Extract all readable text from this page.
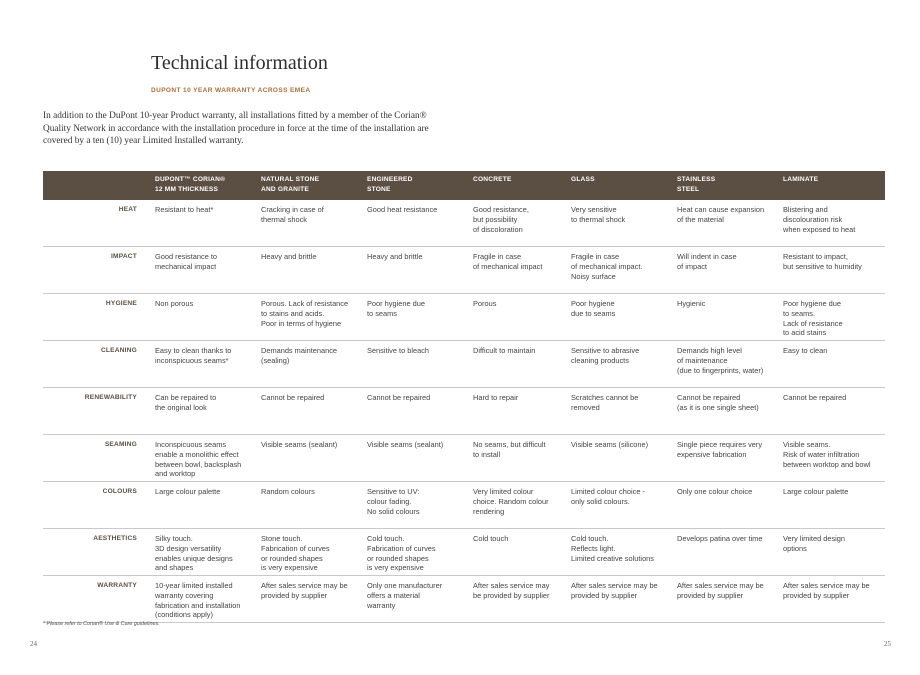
Technical information
DUPONT 10 YEAR WARRANTY ACROSS EMEA

In addition to the DuPont 10-year Product warranty, all installations fitted by a member of the Corian® Quality Network in accordance with the installation procedure in force at the time of the installation are covered by a ten (10) year Limited Installed warranty.

	DUPONT™ CORIAN®
12 MM THICKNESS	NATURAL STONE
AND GRANITE	ENGINEERED
STONE	CONCRETE	GLASS	STAINLESS
STEEL	LAMINATE
HEAT	Resistant to heat*	Cracking in case of
thermal shock	Good heat resistance	Good resistance,
but possibility
of discoloration	Very sensitive
to thermal shock	Heat can cause expansion
of the material	Blistering and
discolouration risk
when exposed to heat
IMPACT	Good resistance to
mechanical impact	Heavy and brittle	Heavy and brittle	Fragile in case
of mechanical impact	Fragile in case
of mechanical impact.
Noisy surface	Will indent in case
of impact	Resistant to impact,
but sensitive to humidity
HYGIENE	Non porous	Porous. Lack of resistance
to stains and acids.
Poor in terms of hygiene	Poor hygiene due
to seams	Porous	Poor hygiene
due to seams	Hygienic	Poor hygiene due
to seams.
Lack of resistance
to acid stains
CLEANING	Easy to clean thanks to
inconspicuous seams*	Demands maintenance
(sealing)	Sensitive to bleach	Difficult to maintain	Sensitive to abrasive
cleaning products	Demands high level
of maintenance
(due to fingerprints, water)	Easy to clean
RENEWABILITY	Can be repaired to
the original look	Cannot be repaired	Cannot be repaired	Hard to repair	Scratches cannot be
removed	Cannot be repaired
(as it is one single sheet)	Cannot be repaired
SEAMING	Inconspicuous seams
enable a monolithic effect
between bowl, backsplash
and worktop	Visible seams (sealant)	Visible seams (sealant)	No seams, but difficult
to install	Visible seams (silicone)	Single piece requires very
expensive fabrication	Visible seams.
Risk of water infiltration
between worktop and bowl
COLOURS	Large colour palette	Random colours	Sensitive to UV:
colour fading.
No solid colours	Very limited colour
choice. Random colour
rendering	Limited colour choice -
only solid colours.	Only one colour choice	Large colour palette
AESTHETICS	Silky touch.
3D design versatility
enables unique designs
and shapes	Stone touch.
Fabrication of curves
or rounded shapes
is very expensive	Cold touch.
Fabrication of curves
or rounded shapes
is very expensive	Cold touch	Cold touch.
Reflects light.
Limited creative solutions	Develops patina over time	Very limited design
options
WARRANTY	10-year limited installed
warranty covering
fabrication and installation
(conditions apply)	After sales service may be
provided by supplier	Only one manufacturer
offers a material
warranty	After sales service may
be provided by supplier	After sales service may be
provided by supplier	After sales service may be
provided by supplier	After sales service may be
provided by supplier
* Please refer to Corian® Use & Care guidelines.
24	25
